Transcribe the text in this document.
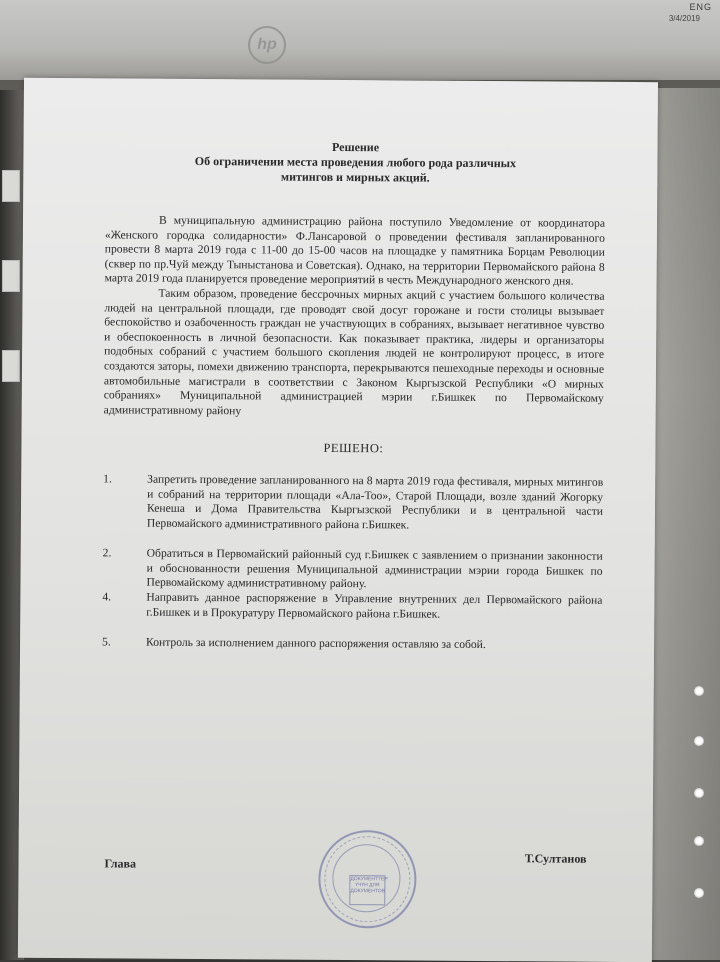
ENG
3/4/2019
hp

Решение

Об ограничении места проведения любого рода различных

митингов и мирных акций.

В муниципальную администрацию района поступило Уведомление от координатора «Женского городка солидарности» Ф.Лансаровой о проведении фестиваля запланированного провести 8 марта 2019 года с 11-00 до 15-00 часов на площадке у памятника Борцам Революции (сквер по пр.Чуй между Тыныстанова и Советская). Однако, на территории Первомайского района 8 марта 2019 года планируется проведение мероприятий в честь Международного женского дня.

Таким образом, проведение бессрочных мирных акций с участием большого количества людей на центральной площади, где проводят свой досуг горожане и гости столицы вызывает беспокойство и озабоченность граждан не участвующих в собраниях, вызывает негативное чувство и обеспокоенность в личной безопасности. Как показывает практика, лидеры и организаторы подобных собраний с участием большого скопления людей не контролируют процесс, в итоге создаются заторы, помехи движению транспорта, перекрываются пешеходные переходы и основные автомобильные магистрали в соответствии с Законом Кыргызской Республики «О мирных собраниях» Муниципальной администрацией мэрии г.Бишкек по Первомайскому административному району

РЕШЕНО:

1.	Запретить проведение запланированного на 8 марта 2019 года фестиваля, мирных митингов и собраний на территории площади «Ала-Тоо», Старой Площади, возле зданий Жогорку Кенеша и Дома Правительства Кыргызской Республики и в центральной части Первомайского административного района г.Бишкек.
2.	Обратиться в Первомайский районный суд г.Бишкек с заявлением о признании законности и обоснованности решения Муниципальной администрации мэрии города Бишкек по Первомайскому административному району.
4.	Направить данное распоряжение в Управление внутренних дел Первомайского района г.Бишкек и в Прокуратуру Первомайского района г.Бишкек.
5.	Контроль за исполнением данного распоряжения оставляю за собой.
Глава	Т.Султанов
ДОКУМЕНТТЕР ҮЧҮН ДЛЯ ДОКУМЕНТОВ
